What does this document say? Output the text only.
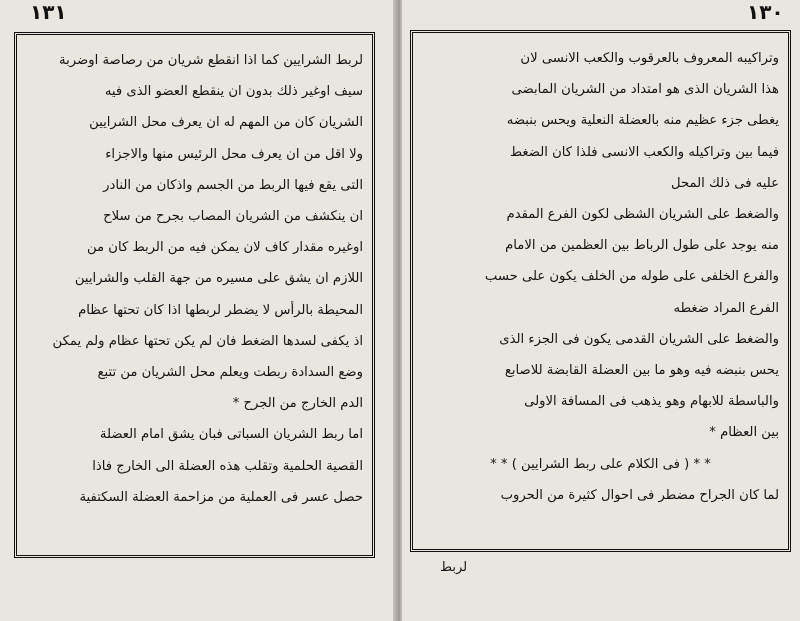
١٣١
لربط الشرايين كما اذا انقطع شريان من رصاصة اوضربة
سيف اوغير ذلك بدون ان ينقطع العضو الذى فيه
الشريان كان من المهم له ان يعرف محل الشرايين
ولا اقل من ان يعرف محل الرئيس منها والاجزاء
التى يقع فيها الربط من الجسم واذكان من النادر
ان ينكشف من الشريان المصاب بجرح من سلاح
اوغيره مقدار كاف لان يمكن فيه من الربط كان من
اللازم ان يشق على مسيره من جهة القلب والشرايين
المحيطة بالرأس لا يضطر لربطها اذا كان تحتها عظام
اذ يكفى لسدها الضغط فان لم يكن تحتها عظام ولم يمكن
وضع السدادة ربطت ويعلم محل الشريان من تتبع
الدم الخارج من الجرح *
اما ربط الشريان السباتى فبان يشق امام العضلة
القصية الحلمية وتقلب هذه العضلة الى الخارج فاذا
حصل عسر فى العملية من مزاحمة العضلة السكتفية
١٣٠
وتراكيبه المعروف بالعرقوب والكعب الانسى لان
هذا الشريان الذى هو امتداد من الشريان المابضى
يغطى جزء عظيم منه بالعضلة النعلية ويحس بنبضه
فيما بين وتراكيله والكعب الانسى فلذا كان الضغط
عليه فى ذلك المحل
والضغط على الشريان الشظى لكون الفرع المقدم
منه يوجد على طول الرباط بين العظمين من الامام
والفرع الخلفى على طوله من الخلف يكون على حسب
الفرع المراد ضغطه
والضغط على الشريان القدمى يكون فى الجزء الذى
يحس بنبضه فيه وهو ما بين العضلة القابضة للاصابع
والباسطة للابهام وهو يذهب فى المسافة الاولى
بين العظام *
* * ( فى الكلام على ربط الشرايين ) * *
لما كان الجراح مضطر فى احوال كثيرة من الحروب
لربط
